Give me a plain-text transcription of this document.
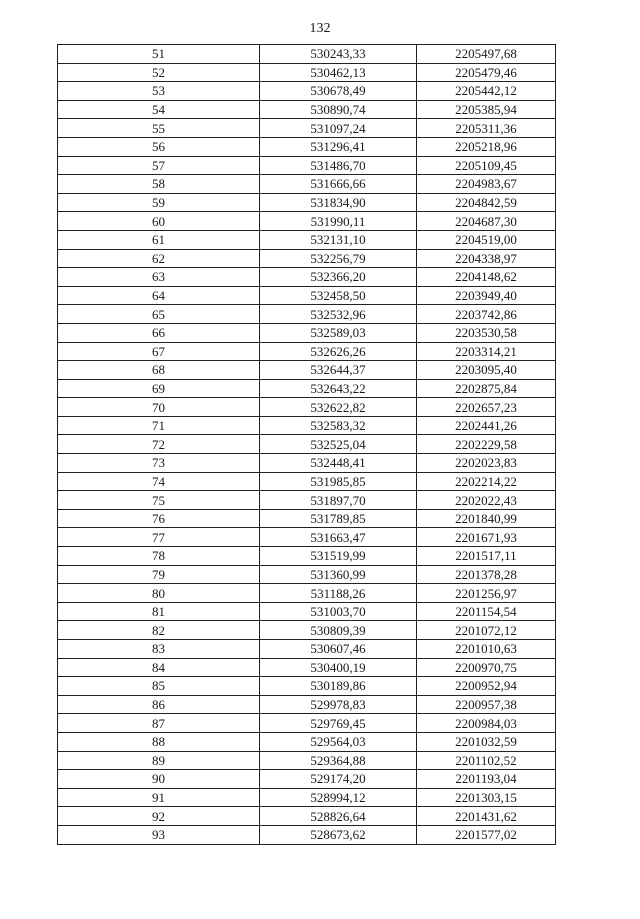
132
51	530243,33	2205497,68
52	530462,13	2205479,46
53	530678,49	2205442,12
54	530890,74	2205385,94
55	531097,24	2205311,36
56	531296,41	2205218,96
57	531486,70	2205109,45
58	531666,66	2204983,67
59	531834,90	2204842,59
60	531990,11	2204687,30
61	532131,10	2204519,00
62	532256,79	2204338,97
63	532366,20	2204148,62
64	532458,50	2203949,40
65	532532,96	2203742,86
66	532589,03	2203530,58
67	532626,26	2203314,21
68	532644,37	2203095,40
69	532643,22	2202875,84
70	532622,82	2202657,23
71	532583,32	2202441,26
72	532525,04	2202229,58
73	532448,41	2202023,83
74	531985,85	2202214,22
75	531897,70	2202022,43
76	531789,85	2201840,99
77	531663,47	2201671,93
78	531519,99	2201517,11
79	531360,99	2201378,28
80	531188,26	2201256,97
81	531003,70	2201154,54
82	530809,39	2201072,12
83	530607,46	2201010,63
84	530400,19	2200970,75
85	530189,86	2200952,94
86	529978,83	2200957,38
87	529769,45	2200984,03
88	529564,03	2201032,59
89	529364,88	2201102,52
90	529174,20	2201193,04
91	528994,12	2201303,15
92	528826,64	2201431,62
93	528673,62	2201577,02
